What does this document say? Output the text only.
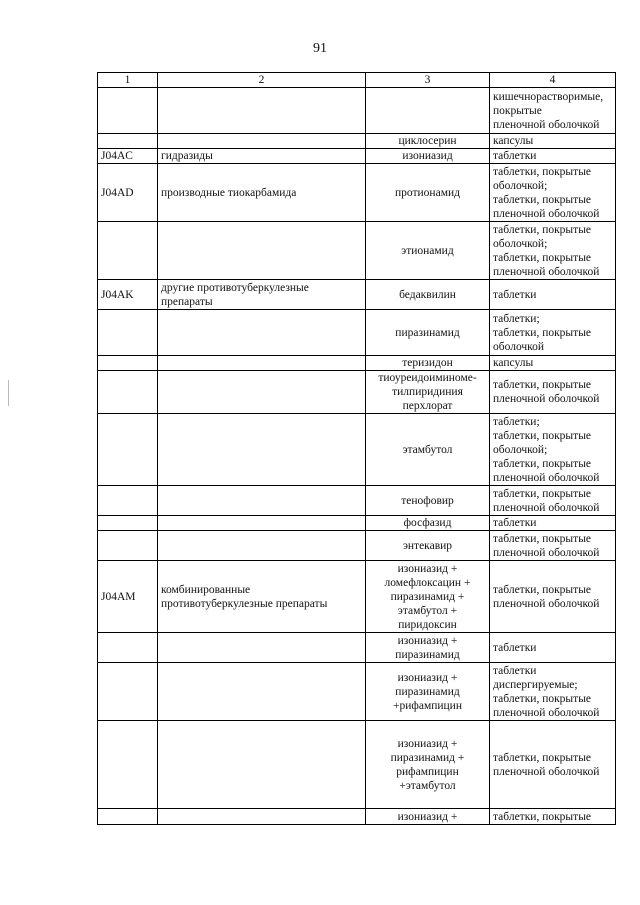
91
1	2	3	4
			кишечнорастворимые,
покрытые
пленочной оболочкой
		циклосерин	капсулы
J04AC	гидразиды	изониазид	таблетки
J04AD	производные тиокарбамида	протионамид	таблетки, покрытые
оболочкой;
таблетки, покрытые
пленочной оболочкой
		этионамид	таблетки, покрытые
оболочкой;
таблетки, покрытые
пленочной оболочкой
J04AK	другие противотуберкулезные
препараты	бедаквилин	таблетки
		пиразинамид	таблетки;
таблетки, покрытые
оболочкой
		теризидон	капсулы
		тиоуреидоиминоме-
тилпиридиния
перхлорат	таблетки, покрытые
пленочной оболочкой
		этамбутол	таблетки;
таблетки, покрытые
оболочкой;
таблетки, покрытые
пленочной оболочкой
		тенофовир	таблетки, покрытые
пленочной оболочкой
		фосфазид	таблетки
		энтекавир	таблетки, покрытые
пленочной оболочкой
J04AM	комбинированные
противотуберкулезные препараты	изониазид +
ломефлоксацин +
пиразинамид +
этамбутол +
пиридоксин	таблетки, покрытые
пленочной оболочкой
		изониазид +
пиразинамид	таблетки
		изониазид +
пиразинамид
+рифампицин	таблетки
диспергируемые;
таблетки, покрытые
пленочной оболочкой
		изониазид +
пиразинамид +
рифампицин
+этамбутол	таблетки, покрытые
пленочной оболочкой
		изониазид +	таблетки, покрытые
